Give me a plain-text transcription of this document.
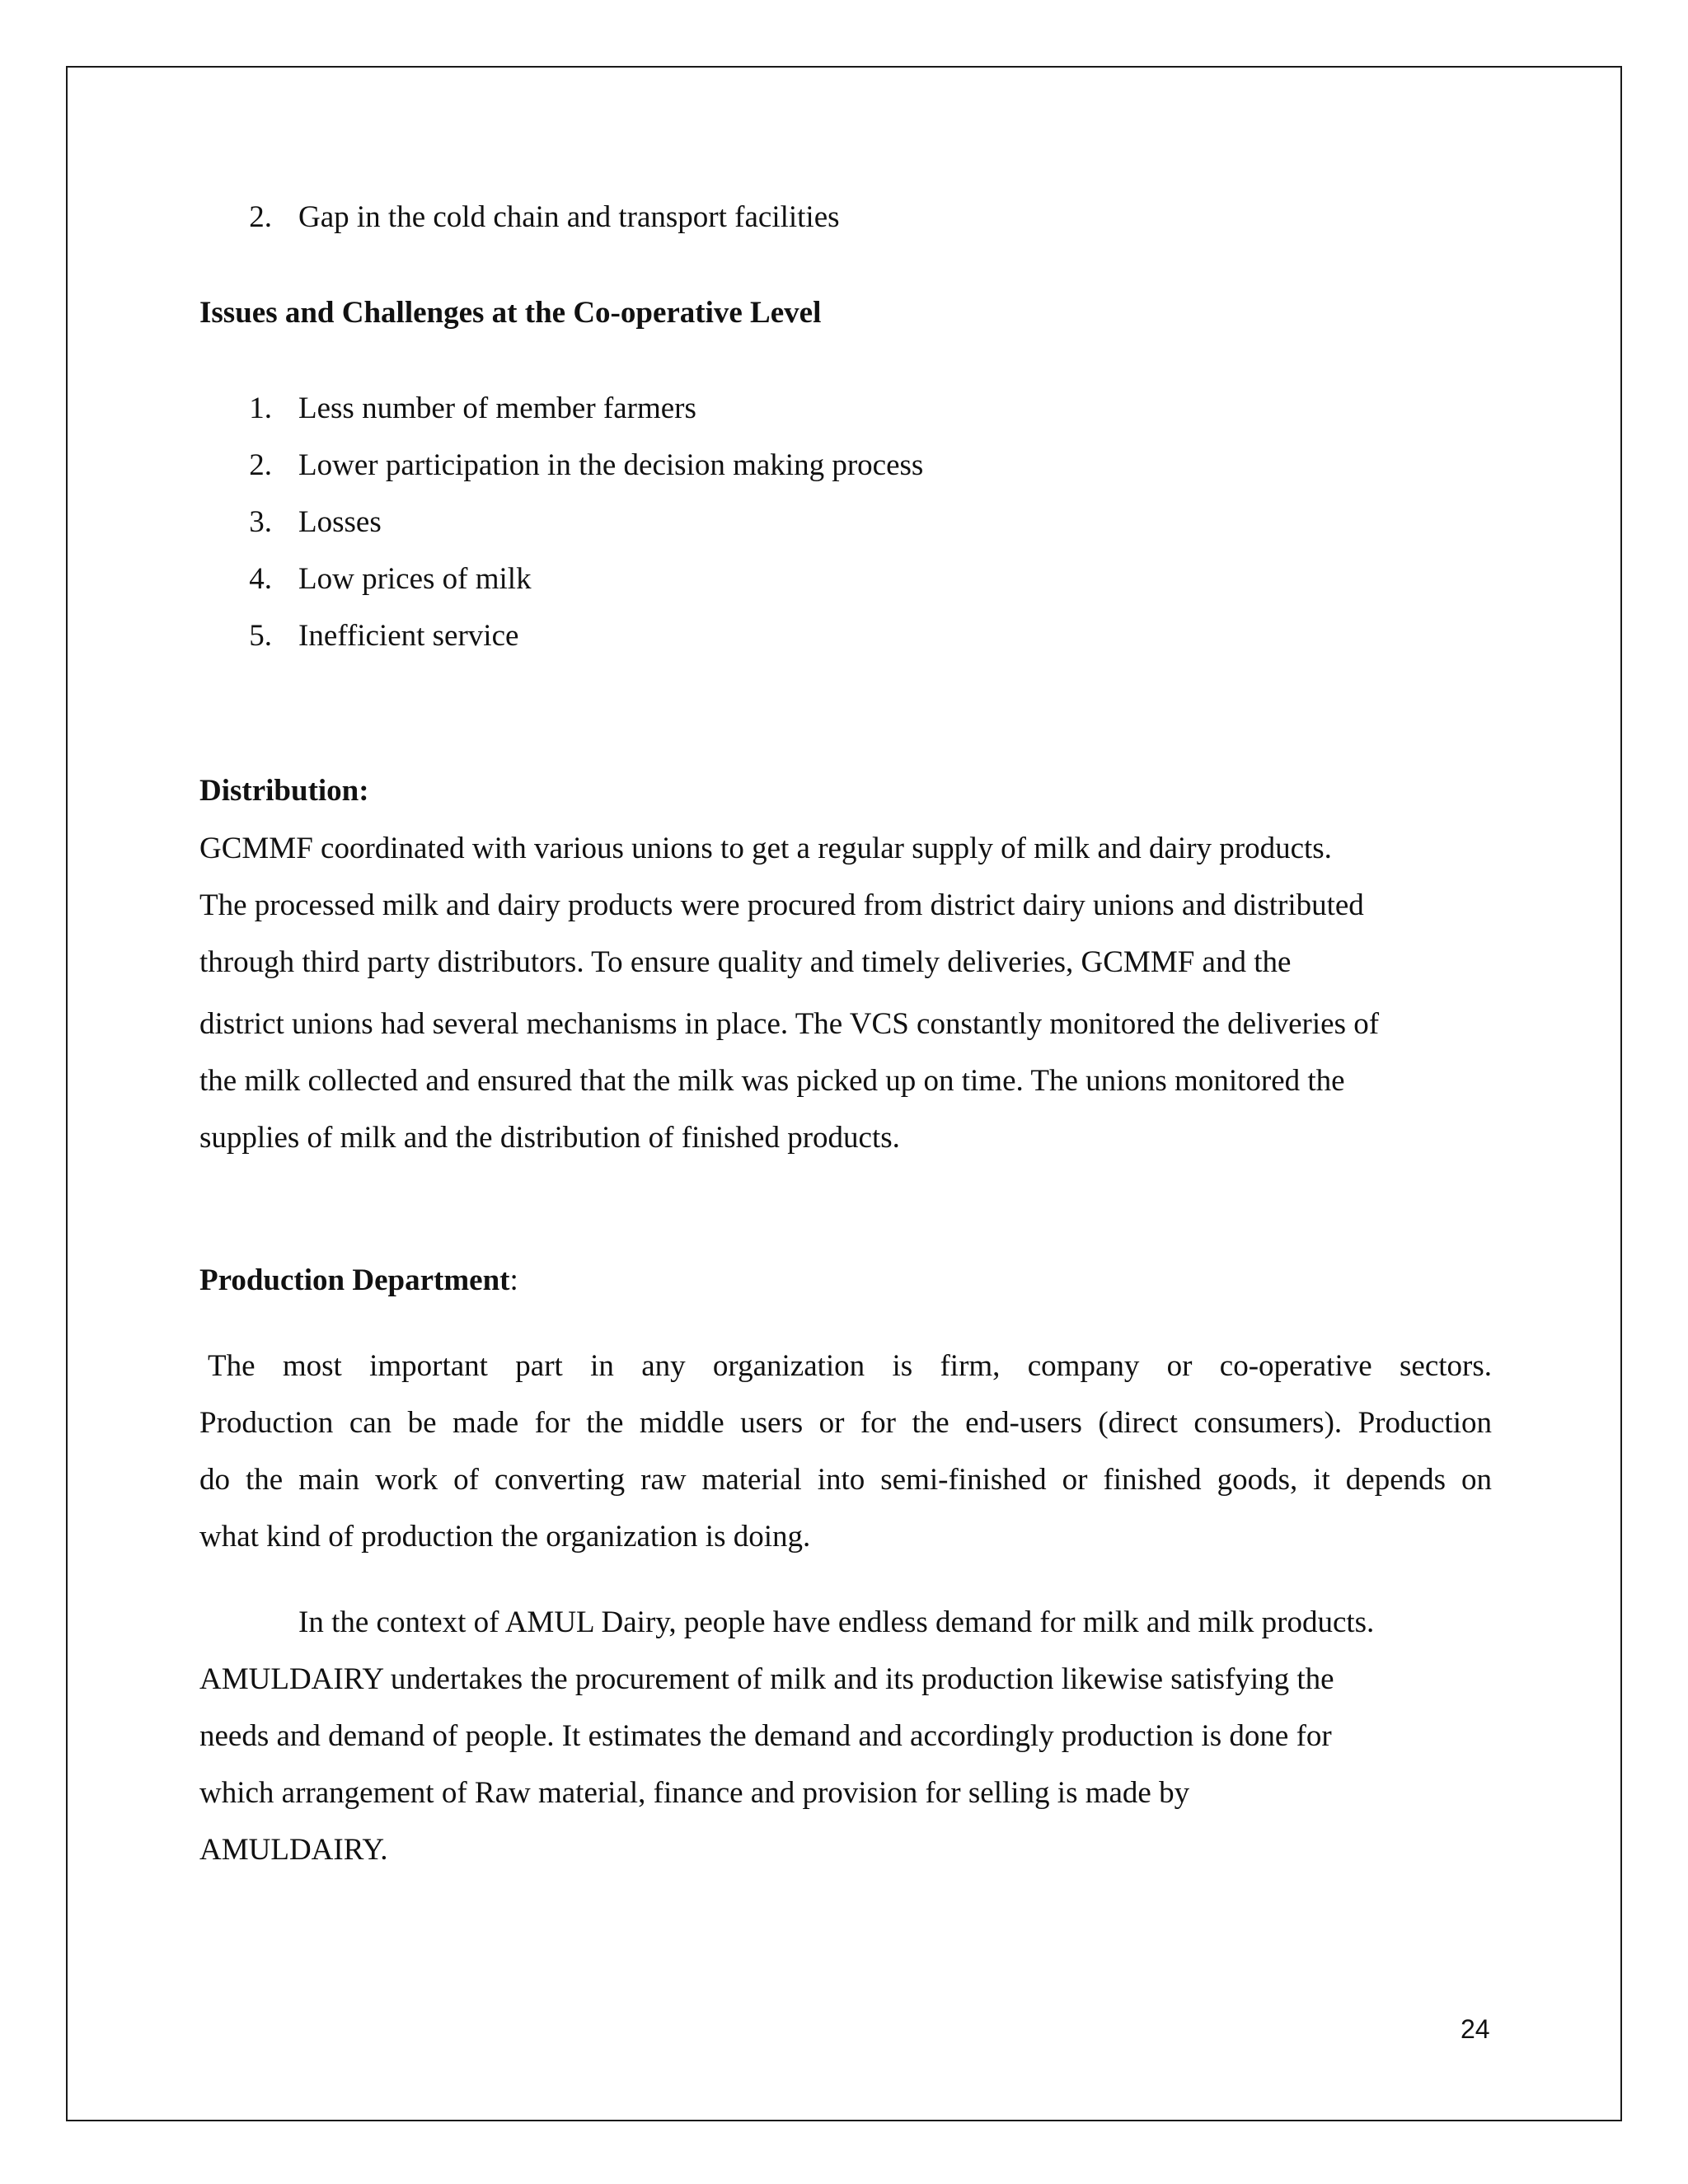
2. Gap in the cold chain and transport facilities
Issues and Challenges at the Co-operative Level
1. Less number of member farmers
2. Lower participation in the decision making process
3. Losses
4. Low prices of milk
5. Inefficient service
Distribution:
GCMMF coordinated with various unions to get a regular supply of milk and dairy products.
The processed milk and dairy products were procured from district dairy unions and distributed
through third party distributors. To ensure quality and timely deliveries, GCMMF and the
district unions had several mechanisms in place. The VCS constantly monitored the deliveries of
the milk collected and ensured that the milk was picked up on time. The unions monitored the
supplies of milk and the distribution of finished products.
Production Department:
The most important part in any organization is firm, company or co-operative sectors.
Production can be made for the middle users or for the end-users (direct consumers). Production
do the main work of converting raw material into semi-finished or finished goods, it depends on
what kind of production the organization is doing.
In the context of AMUL Dairy, people have endless demand for milk and milk products.
AMULDAIRY undertakes the procurement of milk and its production likewise satisfying the
needs and demand of people. It estimates the demand and accordingly production is done for
which arrangement of Raw material, finance and provision for selling is made by
AMULDAIRY.
24
